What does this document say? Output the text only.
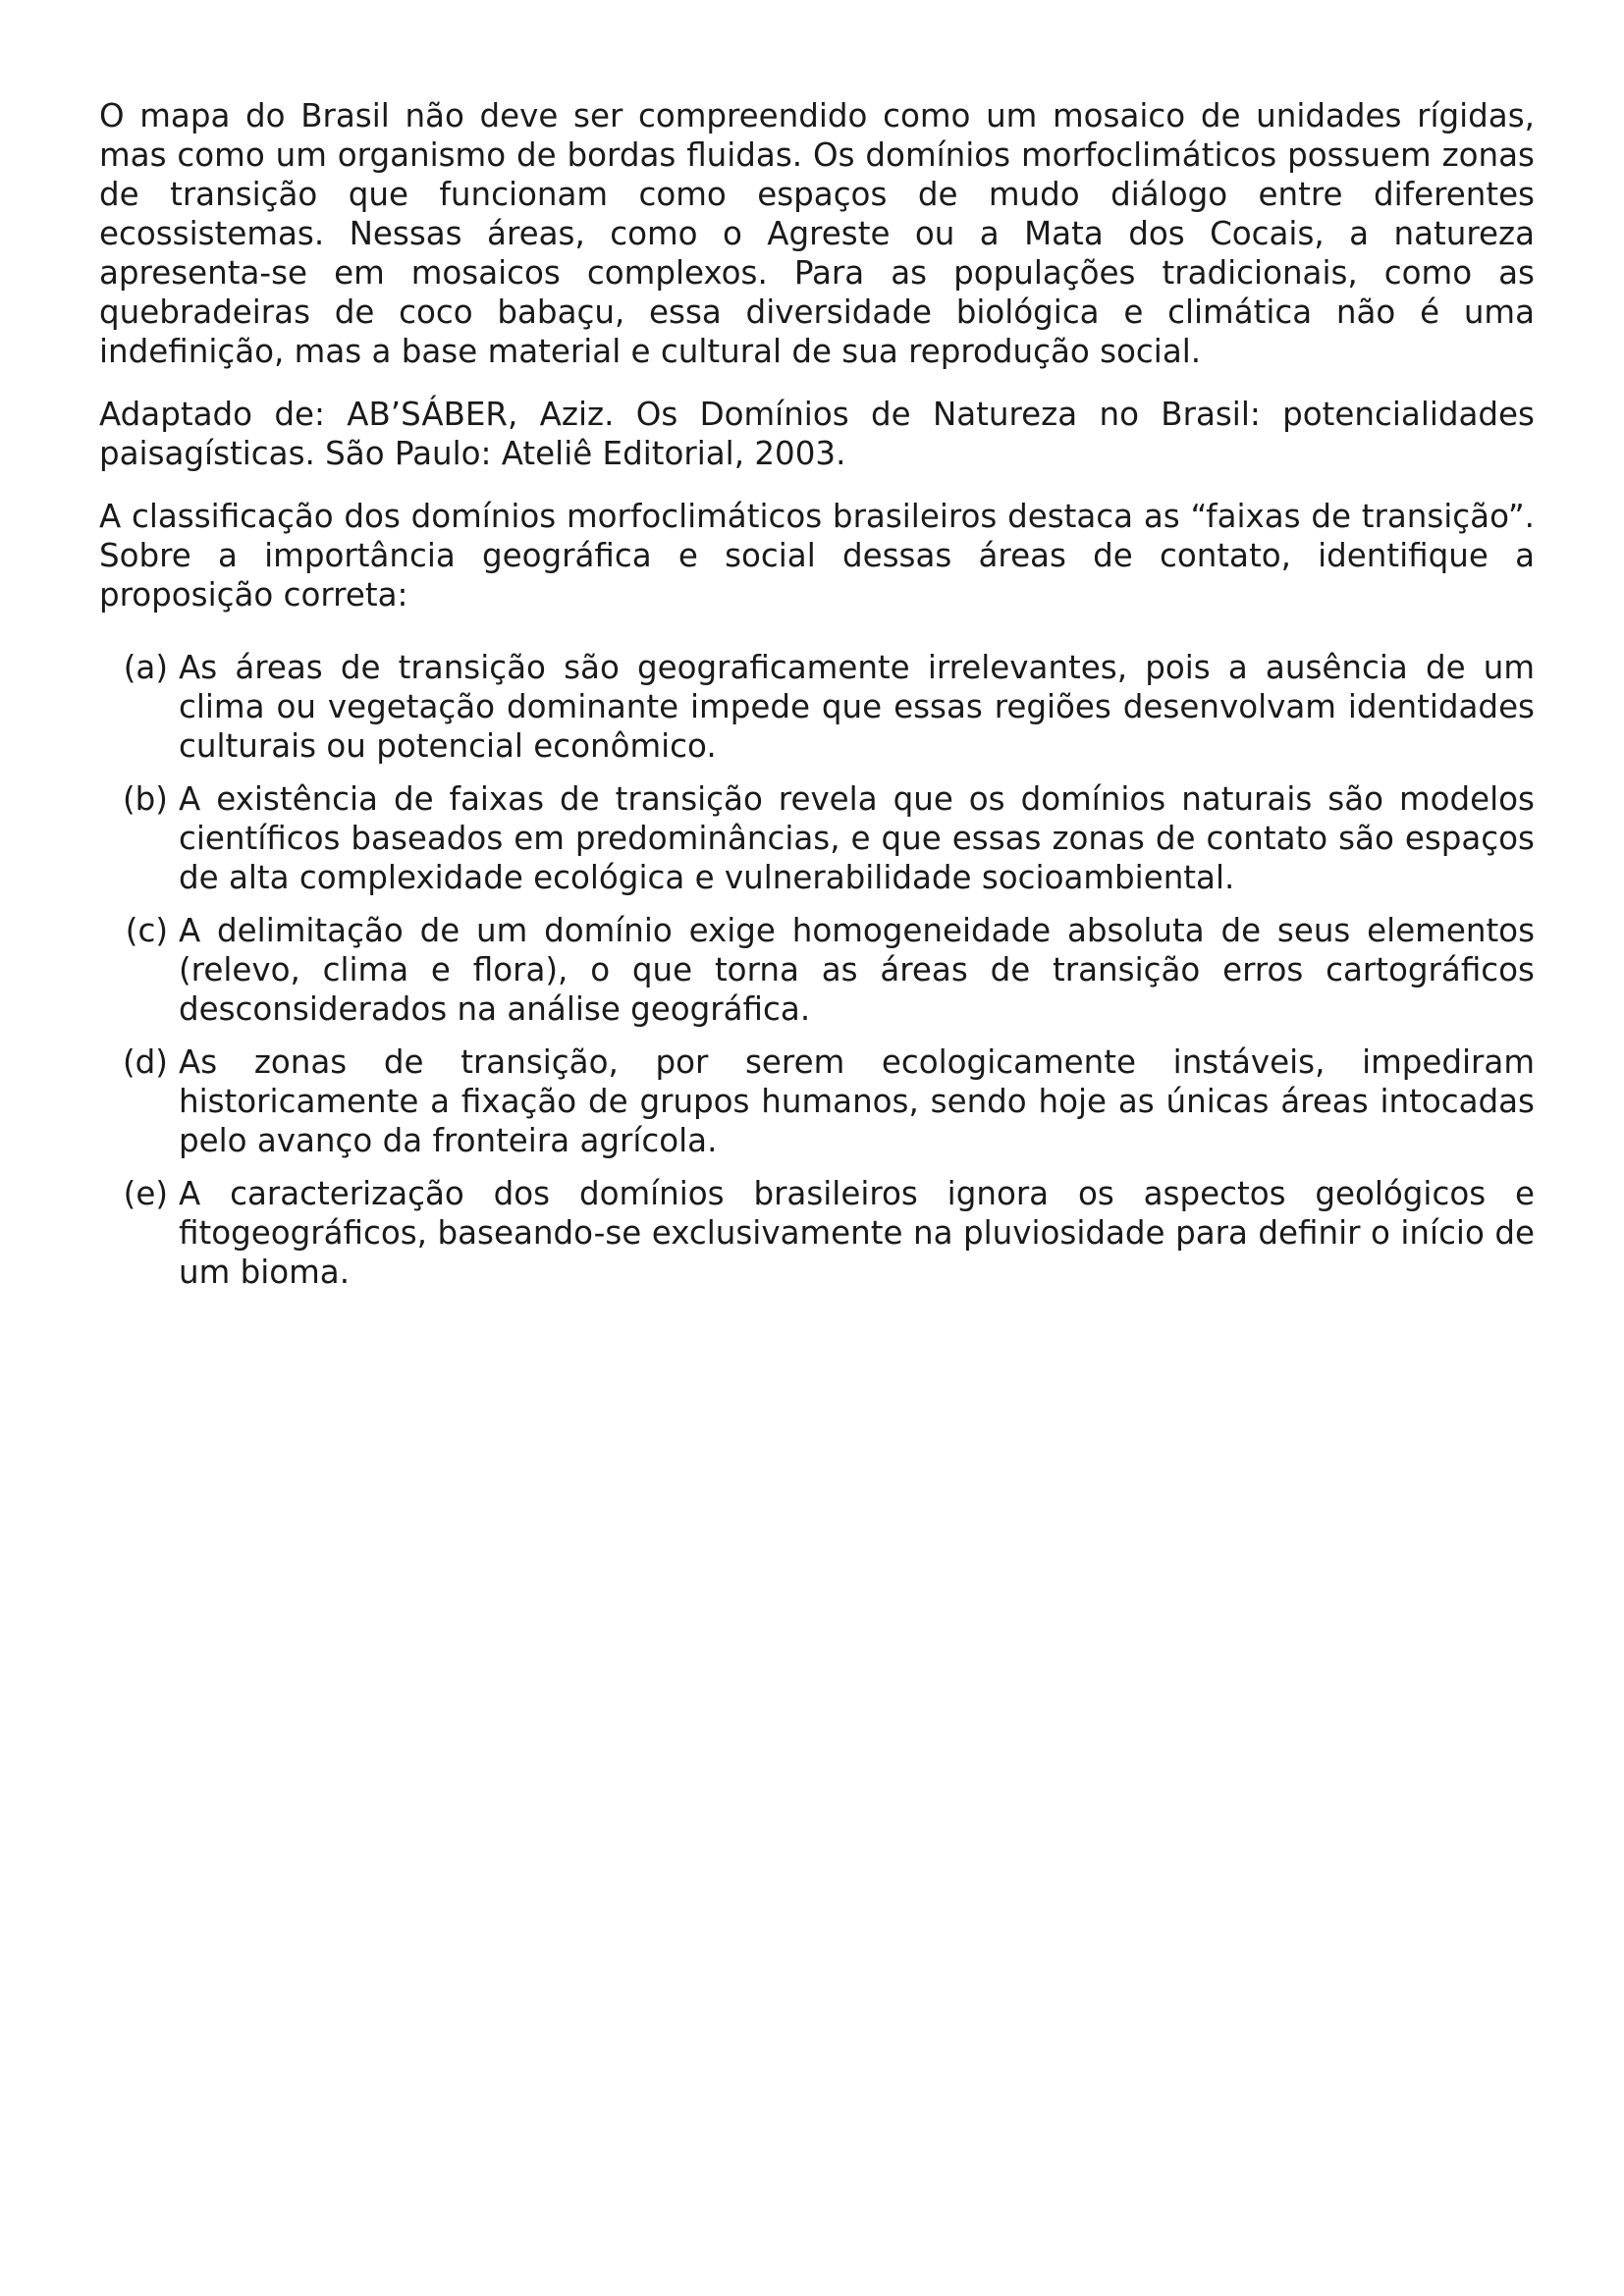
O mapa do Brasil não deve ser compreendido como um mosaico de unidades rígidas, mas como um organismo de bordas fluidas. Os domínios morfoclimáticos possuem zonas de transição que funcionam como espaços de mudo diálogo entre diferentes ecossistemas. Nessas áreas, como o Agreste ou a Mata dos Cocais, a natureza apresenta-se em mosaicos complexos. Para as populações tradicionais, como as quebradeiras de coco babaçu, essa diversidade biológica e climática não é uma indefinição, mas a base material e cultural de sua reprodução social.

Adaptado de: AB’SÁBER, Aziz. Os Domínios de Natureza no Brasil: potencialidades paisagísticas. São Paulo: Ateliê Editorial, 2003.

A classificação dos domínios morfoclimáticos brasileiros destaca as “faixas de transição”. Sobre a importância geográfica e social dessas áreas de contato, identifique a proposição correta:

(a) As áreas de transição são geograficamente irrelevantes, pois a ausência de um clima ou vegetação dominante impede que essas regiões desenvolvam identidades culturais ou potencial econômico.
(b) A existência de faixas de transição revela que os domínios naturais são modelos científicos baseados em predominâncias, e que essas zonas de contato são espaços de alta complexidade ecológica e vulnerabilidade socioambiental.
(c) A delimitação de um domínio exige homogeneidade absoluta de seus elementos (relevo, clima e flora), o que torna as áreas de transição erros cartográficos desconsiderados na análise geográfica.
(d) As zonas de transição, por serem ecologicamente instáveis, impediram historicamente a fixação de grupos humanos, sendo hoje as únicas áreas intocadas pelo avanço da fronteira agrícola.
(e) A caracterização dos domínios brasileiros ignora os aspectos geológicos e fitogeográficos, baseando-se exclusivamente na pluviosidade para definir o início de um bioma.
